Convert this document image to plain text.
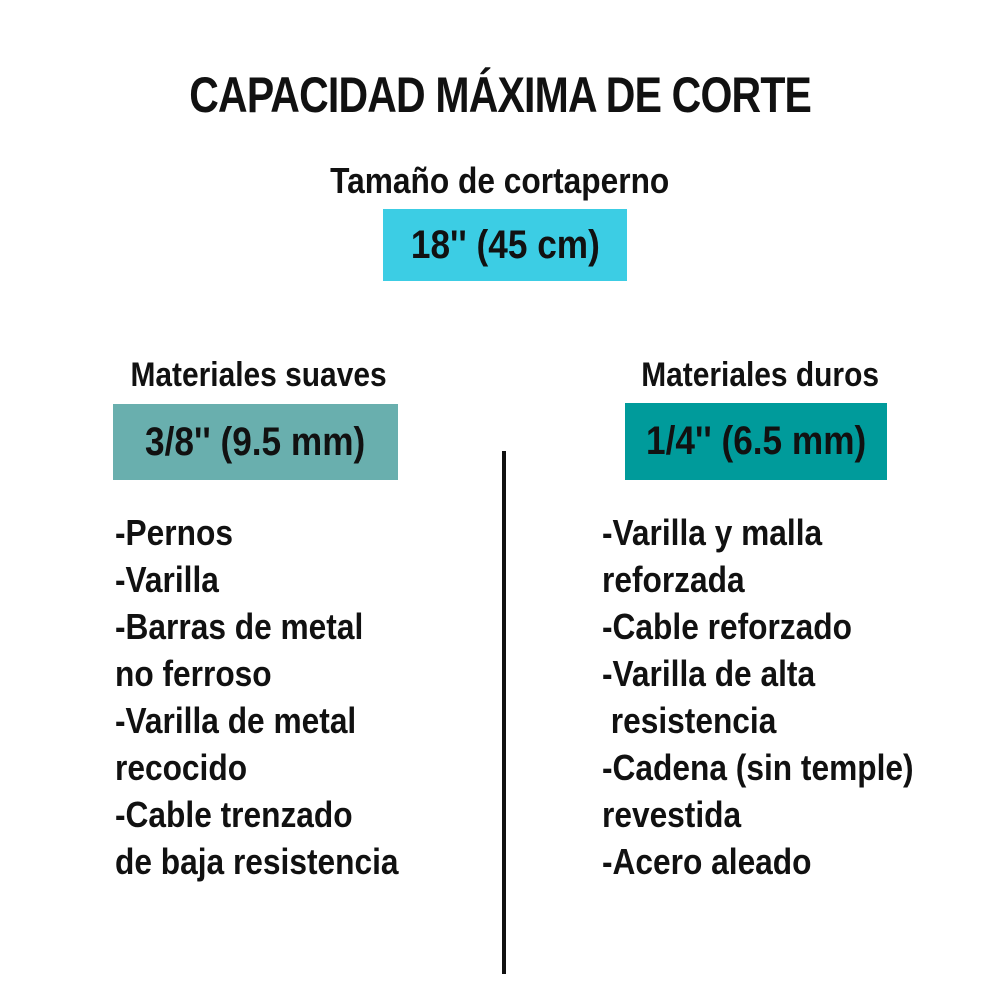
CAPACIDAD MÁXIMA DE CORTE
Tamaño de cortaperno
18'' (45 cm)
Materiales suaves
3/8'' (9.5 mm)
-Pernos
-Varilla
-Barras de metal
no ferroso
-Varilla de metal
recocido
-Cable trenzado
de baja resistencia
Materiales duros
1/4'' (6.5 mm)
-Varilla y malla
reforzada
-Cable reforzado
-Varilla de alta
resistencia
-Cadena (sin temple)
revestida
-Acero aleado
